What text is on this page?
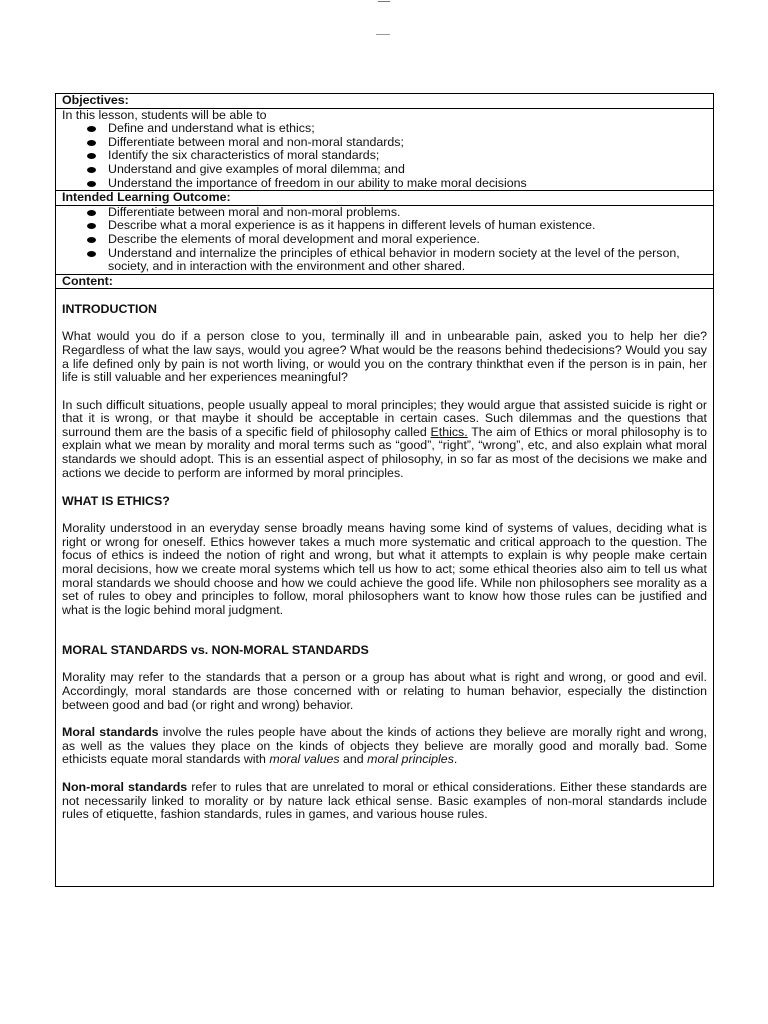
Objectives:
In this lesson, students will be able to
Define and understand what is ethics;
Differentiate between moral and non-moral standards;
Identify the six characteristics of moral standards;
Understand and give examples of moral dilemma; and
Understand the importance of freedom in our ability to make moral decisions
Intended Learning Outcome:
Differentiate between moral and non-moral problems.
Describe what a moral experience is as it happens in different levels of human existence.
Describe the elements of moral development and moral experience.
Understand and internalize the principles of ethical behavior in modern society at the level of the person, society, and in interaction with the environment and other shared.
Content:
INTRODUCTION

What would you do if a person close to you, terminally ill and in unbearable pain, asked you to help her die? Regardless of what the law says, would you agree? What would be the reasons behind thedecisions? Would you say a life defined only by pain is not worth living, or would you on the contrary thinkthat even if the person is in pain, her life is still valuable and her experiences meaningful?

In such difficult situations, people usually appeal to moral principles; they would argue that assisted suicide is right or that it is wrong, or that maybe it should be acceptable in certain cases. Such dilemmas and the questions that surround them are the basis of a specific field of philosophy called Ethics. The aim of Ethics or moral philosophy is to explain what we mean by morality and moral terms such as “good”, “right”, “wrong”, etc, and also explain what moral standards we should adopt. This is an essential aspect of philosophy, in so far as most of the decisions we make and actions we decide to perform are informed by moral principles.

WHAT IS ETHICS?

Morality understood in an everyday sense broadly means having some kind of systems of values, deciding what is right or wrong for oneself. Ethics however takes a much more systematic and critical approach to the question. The focus of ethics is indeed the notion of right and wrong, but what it attempts to explain is why people make certain moral decisions, how we create moral systems which tell us how to act; some ethical theories also aim to tell us what moral standards we should choose and how we could achieve the good life. While non philosophers see morality as a set of rules to obey and principles to follow, moral philosophers want to know how those rules can be justified and what is the logic behind moral judgment.

MORAL STANDARDS vs. NON-MORAL STANDARDS

Morality may refer to the standards that a person or a group has about what is right and wrong, or good and evil. Accordingly, moral standards are those concerned with or relating to human behavior, especially the distinction between good and bad (or right and wrong) behavior.

Moral standards involve the rules people have about the kinds of actions they believe are morally right and wrong, as well as the values they place on the kinds of objects they believe are morally good and morally bad. Some ethicists equate moral standards with moral values and moral principles.

Non-moral standards refer to rules that are unrelated to moral or ethical considerations. Either these standards are not necessarily linked to morality or by nature lack ethical sense. Basic examples of non-moral standards include rules of etiquette, fashion standards, rules in games, and various house rules.
